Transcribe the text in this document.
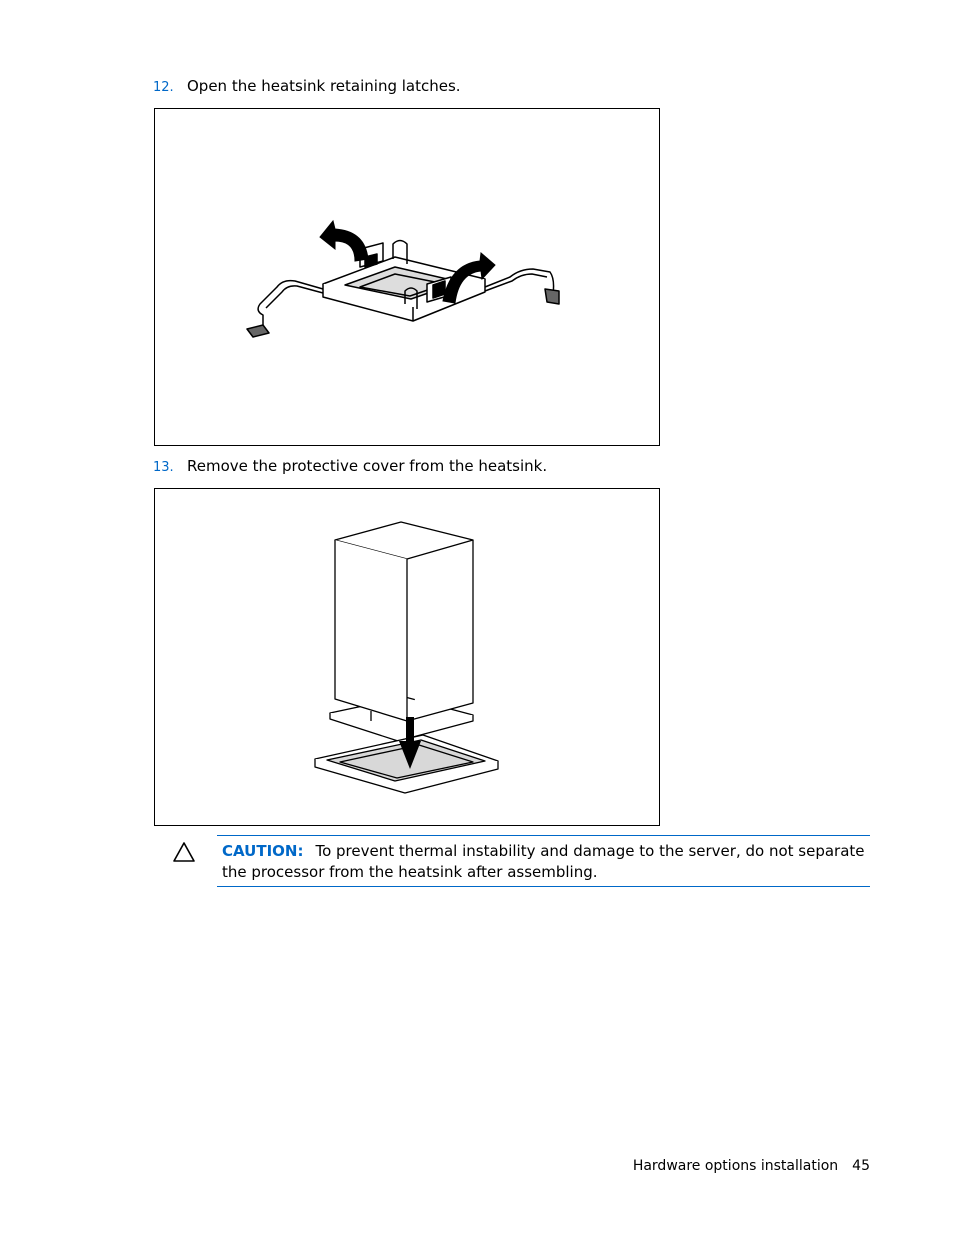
12. Open the heatsink retaining latches.
13. Remove the protective cover from the heatsink.
CAUTION: To prevent thermal instability and damage to the server, do not separate the processor from the heatsink after assembling.
Hardware options installation 45
